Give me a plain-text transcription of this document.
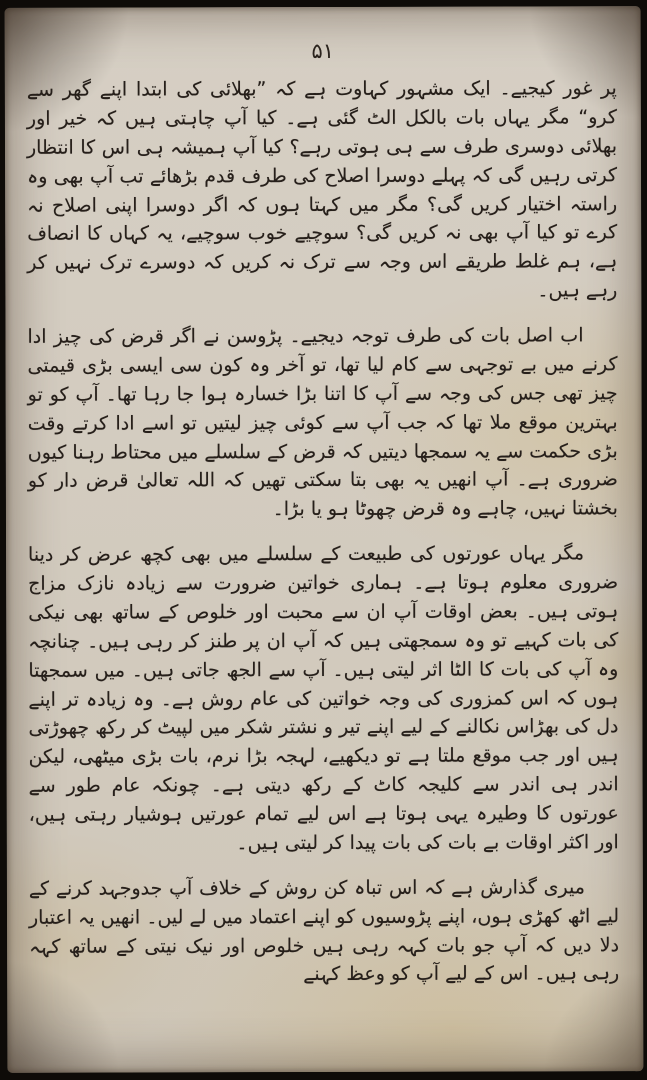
۵۱

پر غور کیجیے۔ ایک مشہور کہاوت ہے کہ ”بھلائی کی ابتدا اپنے گھر سے کرو“ مگر یہاں بات بالکل الٹ گئی ہے۔ کیا آپ چاہتی ہیں کہ خیر اور بھلائی دوسری طرف سے ہی ہوتی رہے؟ کیا آپ ہمیشہ ہی اس کا انتظار کرتی رہیں گی کہ پہلے دوسرا اصلاح کی طرف قدم بڑھائے تب آپ بھی وہ راستہ اختیار کریں گی؟ مگر میں کہتا ہوں کہ اگر دوسرا اپنی اصلاح نہ کرے تو کیا آپ بھی نہ کریں گی؟ سوچیے خوب سوچیے، یہ کہاں کا انصاف ہے، ہم غلط طریقے اس وجہ سے ترک نہ کریں کہ دوسرے ترک نہیں کر رہے ہیں۔

اب اصل بات کی طرف توجہ دیجیے۔ پڑوسن نے اگر قرض کی چیز ادا کرنے میں بے توجہی سے کام لیا تھا، تو آخر وہ کون سی ایسی بڑی قیمتی چیز تھی جس کی وجہ سے آپ کا اتنا بڑا خسارہ ہوا جا رہا تھا۔ آپ کو تو بہترین موقع ملا تھا کہ جب آپ سے کوئی چیز لیتیں تو اسے ادا کرتے وقت بڑی حکمت سے یہ سمجھا دیتیں کہ قرض کے سلسلے میں محتاط رہنا کیوں ضروری ہے۔ آپ انھیں یہ بھی بتا سکتی تھیں کہ اللہ تعالیٰ قرض دار کو بخشتا نہیں، چاہے وہ قرض چھوٹا ہو یا بڑا۔

مگر یہاں عورتوں کی طبیعت کے سلسلے میں بھی کچھ عرض کر دینا ضروری معلوم ہوتا ہے۔ ہماری خواتین ضرورت سے زیادہ نازک مزاج ہوتی ہیں۔ بعض اوقات آپ ان سے محبت اور خلوص کے ساتھ بھی نیکی کی بات کہیے تو وہ سمجھتی ہیں کہ آپ ان پر طنز کر رہی ہیں۔ چنانچہ وہ آپ کی بات کا الٹا اثر لیتی ہیں۔ آپ سے الجھ جاتی ہیں۔ میں سمجھتا ہوں کہ اس کمزوری کی وجہ خواتین کی عام روش ہے۔ وہ زیادہ تر اپنے دل کی بھڑاس نکالنے کے لیے اپنے تیر و نشتر شکر میں لپیٹ کر رکھ چھوڑتی ہیں اور جب موقع ملتا ہے تو دیکھیے، لہجہ بڑا نرم، بات بڑی میٹھی، لیکن اندر ہی اندر سے کلیجہ کاٹ کے رکھ دیتی ہے۔ چونکہ عام طور سے عورتوں کا وطیرہ یہی ہوتا ہے اس لیے تمام عورتیں ہوشیار رہتی ہیں، اور اکثر اوقات بے بات کی بات پیدا کر لیتی ہیں۔

میری گذارش ہے کہ اس تباہ کن روش کے خلاف آپ جدوجہد کرنے کے لیے اٹھ کھڑی ہوں، اپنے پڑوسیوں کو اپنے اعتماد میں لے لیں۔ انھیں یہ اعتبار دلا دیں کہ آپ جو بات کہہ رہی ہیں خلوص اور نیک نیتی کے ساتھ کہہ رہی ہیں۔ اس کے لیے آپ کو وعظ کہنے
